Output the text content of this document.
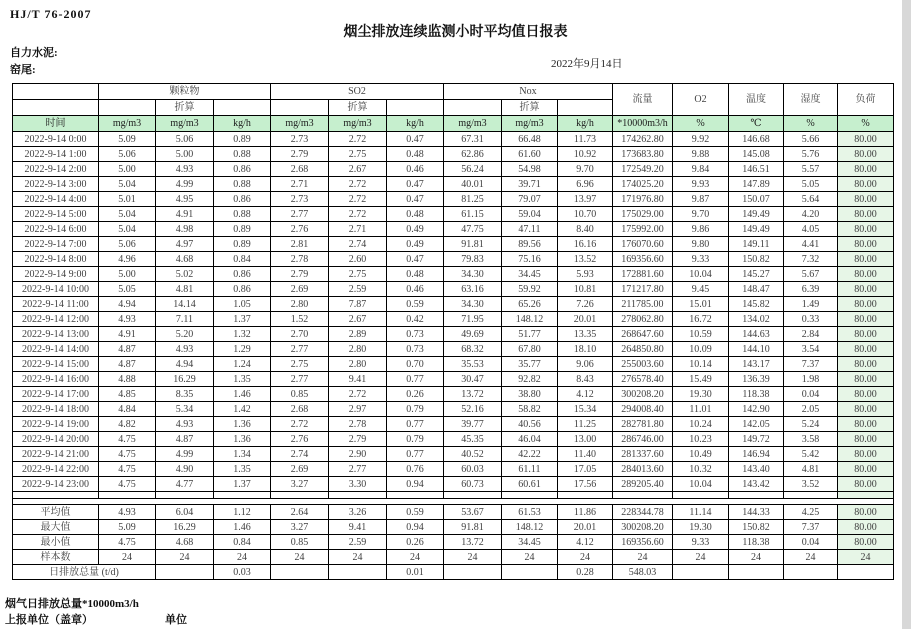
HJ/T 76-2007
烟尘排放连续监测小时平均值日报表
自力水泥:
窑尾:	2022年9月14日
	颗粒物			SO2			Nox			流量	O2	温度	湿度	负荷
		折算			折算			折算						
时间	mg/m3	mg/m3	kg/h	mg/m3	mg/m3	kg/h	mg/m3	mg/m3	kg/h	*10000m3/h	%	℃	%	%
2022-9-14 0:00	5.09	5.06	0.89	2.73	2.72	0.47	67.31	66.48	11.73	174262.80	9.92	146.68	5.66	80.00
2022-9-14 1:00	5.06	5.00	0.88	2.79	2.75	0.48	62.86	61.60	10.92	173683.80	9.88	145.08	5.76	80.00
2022-9-14 2:00	5.00	4.93	0.86	2.68	2.67	0.46	56.24	54.98	9.70	172549.20	9.84	146.51	5.57	80.00
2022-9-14 3:00	5.04	4.99	0.88	2.71	2.72	0.47	40.01	39.71	6.96	174025.20	9.93	147.89	5.05	80.00
2022-9-14 4:00	5.01	4.95	0.86	2.73	2.72	0.47	81.25	79.07	13.97	171976.80	9.87	150.07	5.64	80.00
2022-9-14 5:00	5.04	4.91	0.88	2.77	2.72	0.48	61.15	59.04	10.70	175029.00	9.70	149.49	4.20	80.00
2022-9-14 6:00	5.04	4.98	0.89	2.76	2.71	0.49	47.75	47.11	8.40	175992.00	9.86	149.49	4.05	80.00
2022-9-14 7:00	5.06	4.97	0.89	2.81	2.74	0.49	91.81	89.56	16.16	176070.60	9.80	149.11	4.41	80.00
2022-9-14 8:00	4.96	4.68	0.84	2.78	2.60	0.47	79.83	75.16	13.52	169356.60	9.33	150.82	7.32	80.00
2022-9-14 9:00	5.00	5.02	0.86	2.79	2.75	0.48	34.30	34.45	5.93	172881.60	10.04	145.27	5.67	80.00
2022-9-14 10:00	5.05	4.81	0.86	2.69	2.59	0.46	63.16	59.92	10.81	171217.80	9.45	148.47	6.39	80.00
2022-9-14 11:00	4.94	14.14	1.05	2.80	7.87	0.59	34.30	65.26	7.26	211785.00	15.01	145.82	1.49	80.00
2022-9-14 12:00	4.93	7.11	1.37	1.52	2.67	0.42	71.95	148.12	20.01	278062.80	16.72	134.02	0.33	80.00
2022-9-14 13:00	4.91	5.20	1.32	2.70	2.89	0.73	49.69	51.77	13.35	268647.60	10.59	144.63	2.84	80.00
2022-9-14 14:00	4.87	4.93	1.29	2.77	2.80	0.73	68.32	67.80	18.10	264850.80	10.09	144.10	3.54	80.00
2022-9-14 15:00	4.87	4.94	1.24	2.75	2.80	0.70	35.53	35.77	9.06	255003.60	10.14	143.17	7.37	80.00
2022-9-14 16:00	4.88	16.29	1.35	2.77	9.41	0.77	30.47	92.82	8.43	276578.40	15.49	136.39	1.98	80.00
2022-9-14 17:00	4.85	8.35	1.46	0.85	2.72	0.26	13.72	38.80	4.12	300208.20	19.30	118.38	0.04	80.00
2022-9-14 18:00	4.84	5.34	1.42	2.68	2.97	0.79	52.16	58.82	15.34	294008.40	11.01	142.90	2.05	80.00
2022-9-14 19:00	4.82	4.93	1.36	2.72	2.78	0.77	39.77	40.56	11.25	282781.80	10.24	142.05	5.24	80.00
2022-9-14 20:00	4.75	4.87	1.36	2.76	2.79	0.79	45.35	46.04	13.00	286746.00	10.23	149.72	3.58	80.00
2022-9-14 21:00	4.75	4.99	1.34	2.74	2.90	0.77	40.52	42.22	11.40	281337.60	10.49	146.94	5.42	80.00
2022-9-14 22:00	4.75	4.90	1.35	2.69	2.77	0.76	60.03	61.11	17.05	284013.60	10.32	143.40	4.81	80.00
2022-9-14 23:00	4.75	4.77	1.37	3.27	3.30	0.94	60.73	60.61	17.56	289205.40	10.04	143.42	3.52	80.00

平均值	4.93	6.04	1.12	2.64	3.26	0.59	53.67	61.53	11.86	228344.78	11.14	144.33	4.25	80.00
最大值	5.09	16.29	1.46	3.27	9.41	0.94	91.81	148.12	20.01	300208.20	19.30	150.82	7.37	80.00
最小值	4.75	4.68	0.84	0.85	2.59	0.26	13.72	34.45	4.12	169356.60	9.33	118.38	0.04	80.00
样本数	24	24	24	24	24	24	24	24	24	24	24	24	24	24
日排放总量 (t/d)			0.03			0.01			0.28	548.03				
烟气日排放总量*10000m3/h
上报单位（盖章）	单位
